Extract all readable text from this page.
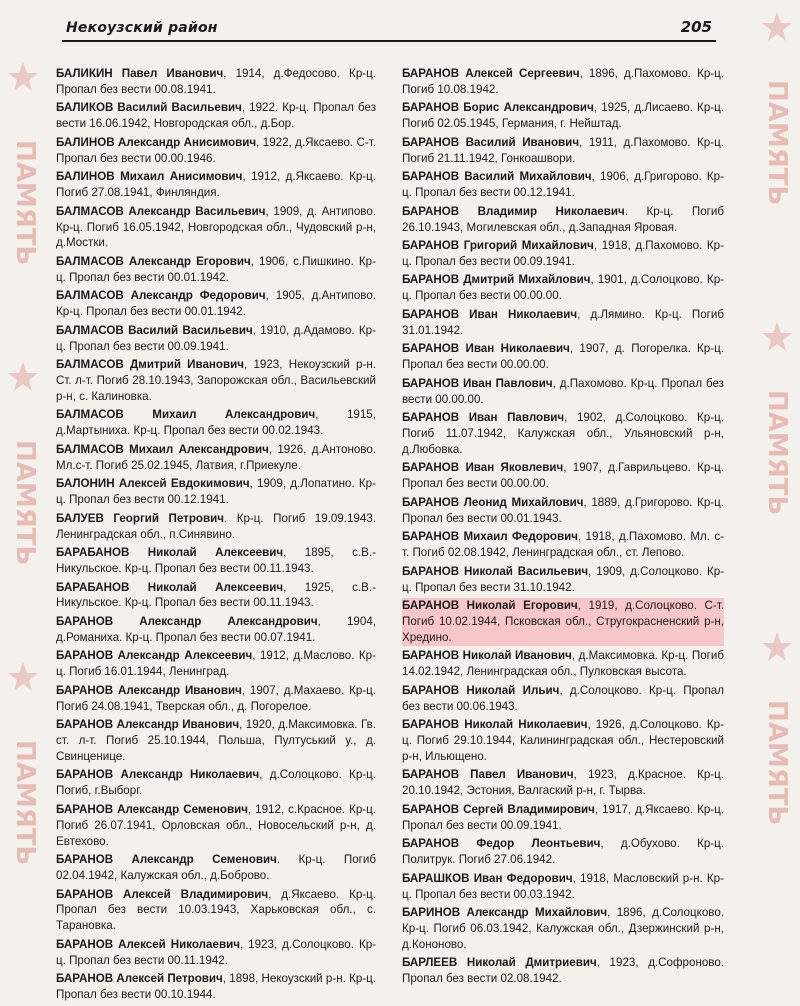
ПАМЯТЬ
ПАМЯТЬ
ПАМЯТЬ
ПАМЯТЬ
ПАМЯТЬ
ПАМЯТЬ
Некоузский район	205

БАЛИКИН Павел Иванович, 1914, д.Федосово. Кр-ц. Пропал без вести 00.08.1941.

БАЛИКОВ Василий Васильевич, 1922. Кр-ц. Пропал без вести 16.06.1942, Новгородская обл., д.Бор.

БАЛИНОВ Александр Анисимович, 1922, д.Яксаево. С-т. Пропал без вести 00.00.1946.

БАЛИНОВ Михаил Анисимович, 1912, д.Яксаево. Кр-ц. Погиб 27.08.1941, Финляндия.

БАЛМАСОВ Александр Васильевич, 1909, д. Антипово. Кр-ц. Погиб 16.05.1942, Новгородская обл., Чудовский р-н, д.Мостки.

БАЛМАСОВ Александр Егорович, 1906, с.Пишкино. Кр-ц. Пропал без вести 00.01.1942.

БАЛМАСОВ Александр Федорович, 1905, д.Антипово. Кр-ц. Пропал без вести 00.01.1942.

БАЛМАСОВ Василий Васильевич, 1910, д.Адамово. Кр-ц. Пропал без вести 00.09.1941.

БАЛМАСОВ Дмитрий Иванович, 1923, Некоузский р-н. Ст. л-т. Погиб 28.10.1943, Запорожская обл., Васильевский р-н, с. Калиновка.

БАЛМАСОВ Михаил Александрович, 1915, д.Мартыниха. Кр-ц. Пропал без вести 00.02.1943.

БАЛМАСОВ Михаил Александрович, 1926, д.Антоново. Мл.с-т. Погиб 25.02.1945, Латвия, г.Приекуле.

БАЛОНИН Алексей Евдокимович, 1909, д.Лопатино. Кр-ц. Пропал без вести 00.12.1941.

БАЛУЕВ Георгий Петрович. Кр-ц. Погиб 19.09.1943. Ленинградская обл., п.Синявино.

БАРАБАНОВ Николай Алексеевич, 1895, с.В.-Никульское. Кр-ц. Пропал без вести 00.11.1943.

БАРАБАНОВ Николай Алексеевич, 1925, с.В.-Никульское. Кр-ц. Пропал без вести 00.11.1943.

БАРАНОВ Александр Александрович, 1904, д.Романиха. Кр-ц. Пропал без вести 00.07.1941.

БАРАНОВ Александр Алексеевич, 1912, д.Маслово. Кр-ц. Погиб 16.01.1944, Ленинград.

БАРАНОВ Александр Иванович, 1907, д.Махаево. Кр-ц. Погиб 24.08.1941, Тверская обл., д. Погорелое.

БАРАНОВ Александр Иванович, 1920, д.Максимовка. Гв. ст. л-т. Погиб 25.10.1944, Польша, Пултуський у., д. Свинценице.

БАРАНОВ Александр Николаевич, д.Солоцково. Кр-ц. Погиб, г.Выборг.

БАРАНОВ Александр Семенович, 1912, с.Красное. Кр-ц. Погиб 26.07.1941, Орловская обл., Новосельский р-н, д. Евтехово.

БАРАНОВ Александр Семенович. Кр-ц. Погиб 02.04.1942, Калужская обл., д.Боброво.

БАРАНОВ Алексей Владимирович, д.Яксаево. Кр-ц. Пропал без вести 10.03.1943, Харьковская обл., с. Тарановка.

БАРАНОВ Алексей Николаевич, 1923, д.Солоцково. Кр-ц. Пропал без вести 00.11.1942.

БАРАНОВ Алексей Петрович, 1898, Некоузский р-н. Кр-ц. Пропал без вести 00.10.1944.

БАРАНОВ Алексей Сергеевич, 1896, д.Пахомово. Кр-ц. Погиб 10.08.1942.

БАРАНОВ Борис Александрович, 1925, д.Лисаево. Кр-ц. Погиб 02.05.1945, Германия, г. Нейштад.

БАРАНОВ Василий Иванович, 1911, д.Пахомово. Кр-ц. Погиб 21.11.1942, Гонкоашвори.

БАРАНОВ Василий Михайлович, 1906, д.Григорово. Кр-ц. Пропал без вести 00.12.1941.

БАРАНОВ Владимир Николаевич. Кр-ц. Погиб 26.10.1943, Могилевская обл., д.Западная Яровая.

БАРАНОВ Григорий Михайлович, 1918, д.Пахомово. Кр-ц. Пропал без вести 00.09.1941.

БАРАНОВ Дмитрий Михайлович, 1901, д.Солоцково. Кр-ц. Пропал без вести 00.00.00.

БАРАНОВ Иван Николаевич, д.Лямино. Кр-ц. Погиб 31.01.1942.

БАРАНОВ Иван Николаевич, 1907, д. Погорелка. Кр-ц. Пропал без вести 00.00.00.

БАРАНОВ Иван Павлович, д.Пахомово. Кр-ц. Пропал без вести 00.00.00.

БАРАНОВ Иван Павлович, 1902, д.Солоцково. Кр-ц. Погиб 11.07.1942, Калужская обл., Ульяновский р-н, д.Любовка.

БАРАНОВ Иван Яковлевич, 1907, д.Гаврильцево. Кр-ц. Пропал без вести 00.00.00.

БАРАНОВ Леонид Михайлович, 1889, д.Григорово. Кр-ц. Пропал без вести 00.01.1943.

БАРАНОВ Михаил Федорович, 1918, д.Пахомово. Мл. с-т. Погиб 02.08.1942, Ленинградская обл., ст. Лепово.

БАРАНОВ Николай Васильевич, 1909, д.Солоцково. Кр-ц. Пропал без вести 31.10.1942.

БАРАНОВ Николай Егорович, 1919, д.Солоцково. С-т. Погиб 10.02.1944, Псковская обл., Стругокрасненский р-н, Хредино.

БАРАНОВ Николай Иванович, д.Максимовка. Кр-ц. Погиб 14.02.1942, Ленинградская обл., Пулковская высота.

БАРАНОВ Николай Ильич, д.Солоцково. Кр-ц. Пропал без вести 00.06.1943.

БАРАНОВ Николай Николаевич, 1926, д.Солоцково. Кр-ц. Погиб 29.10.1944, Калининградская обл., Нестеровский р-н, Ильющено.

БАРАНОВ Павел Иванович, 1923, д.Красное. Кр-ц. 20.10.1942, Эстония, Валгаский р-н, г. Тырва.

БАРАНОВ Сергей Владимирович, 1917, д.Яксаево. Кр-ц. Пропал без вести 00.09.1941.

БАРАНОВ Федор Леонтьевич, д.Обухово. Кр-ц. Политрук. Погиб 27.06.1942.

БАРАШКОВ Иван Федорович, 1918, Масловский р-н. Кр-ц. Пропал без вести 00.03.1942.

БАРИНОВ Александр Михайлович, 1896, д.Солоцково. Кр-ц. Погиб 06.03.1942, Калужская обл., Дзержинский р-н, д.Кононово.

БАРЛЕЕВ Николай Дмитриевич, 1923, д.Софроново. Пропал без вести 02.08.1942.
